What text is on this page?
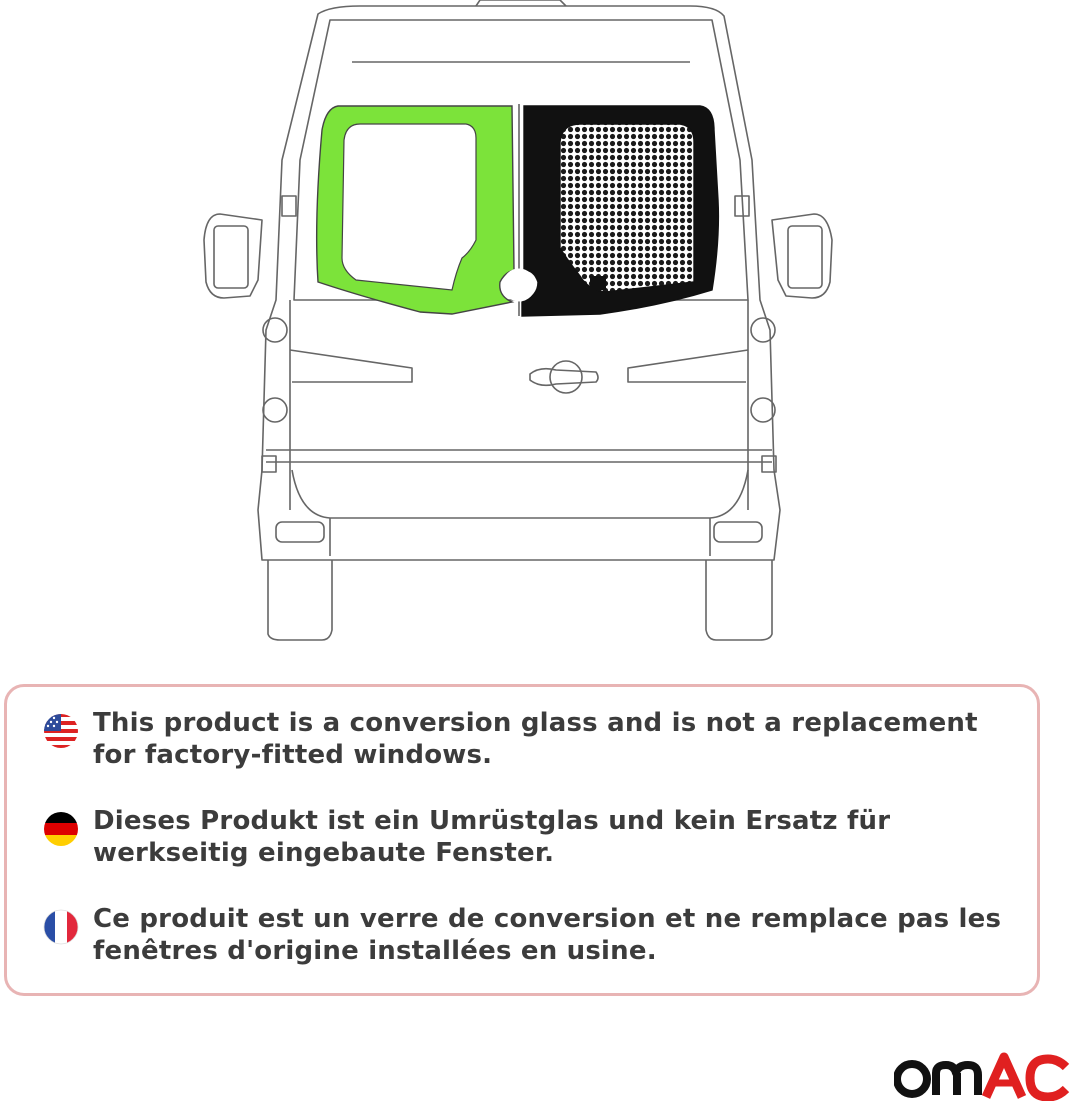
This product is a conversion glass and is not a replacement for factory-fitted windows.
Dieses Produkt ist ein Umrüstglas und kein Ersatz für werkseitig eingebaute Fenster.
Ce produit est un verre de conversion et ne remplace pas les fenêtres d'origine installées en usine.
